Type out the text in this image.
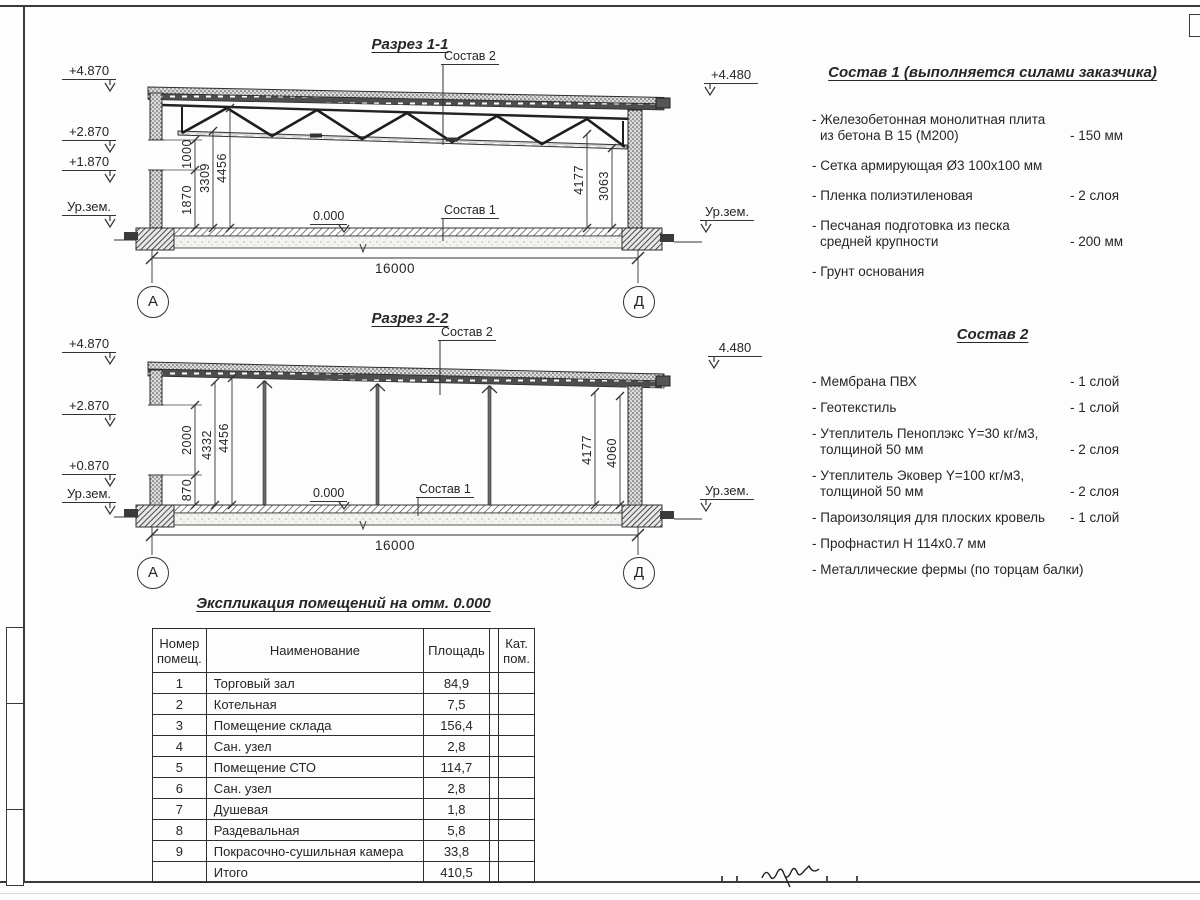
Разрез 1-1
Состав 2
Состав 1
0.000
+4.870
+2.870
+1.870
Ур.зем.
+4.480
Ур.зем.
1870
1000
3309 4456	4177 3063
16000
А	Д
Разрез 2-2
Состав 2
Состав 1
0.000
+4.870
+2.870
+0.870
Ур.зем.
4.480
Ур.зем.
870
2000 4332 4456	4177 4060
16000
А	Д
Состав 1 (выполняется силами заказчика)
- Железобетонная монолитная плита
из бетона В 15 (М200)	- 150 мм
- Сетка армирующая Ø3 100х100 мм
- Пленка полиэтиленовая	- 2 слоя
- Песчаная подготовка из песка
средней крупности	- 200 мм
- Грунт основания
Состав 2
- Мембрана ПВХ	- 1 слой
- Геотекстиль	- 1 слой
- Утеплитель Пеноплэкс Y=30 кг/м3,
толщиной 50 мм	- 2 слоя
- Утеплитель Эковер Y=100 кг/м3,
толщиной 50 мм	- 2 слоя
- Пароизоляция для плоских кровель	- 1 слой
- Профнастил Н 114х0.7 мм
- Металлические фермы (по торцам балки)
Экспликация помещений на отм. 0.000
Номер
помещ.	Наименование	Площадь		Кат.
пом.

1	Торговый зал	84,9		
2	Котельная	7,5		
3	Помещение склада	156,4		
4	Сан. узел	2,8		
5	Помещение СТО	114,7		
6	Сан. узел	2,8		
7	Душевая	1,8		
8	Раздевальная	5,8		
9	Покрасочно-сушильная камера	33,8		
	Итого	410,5		
